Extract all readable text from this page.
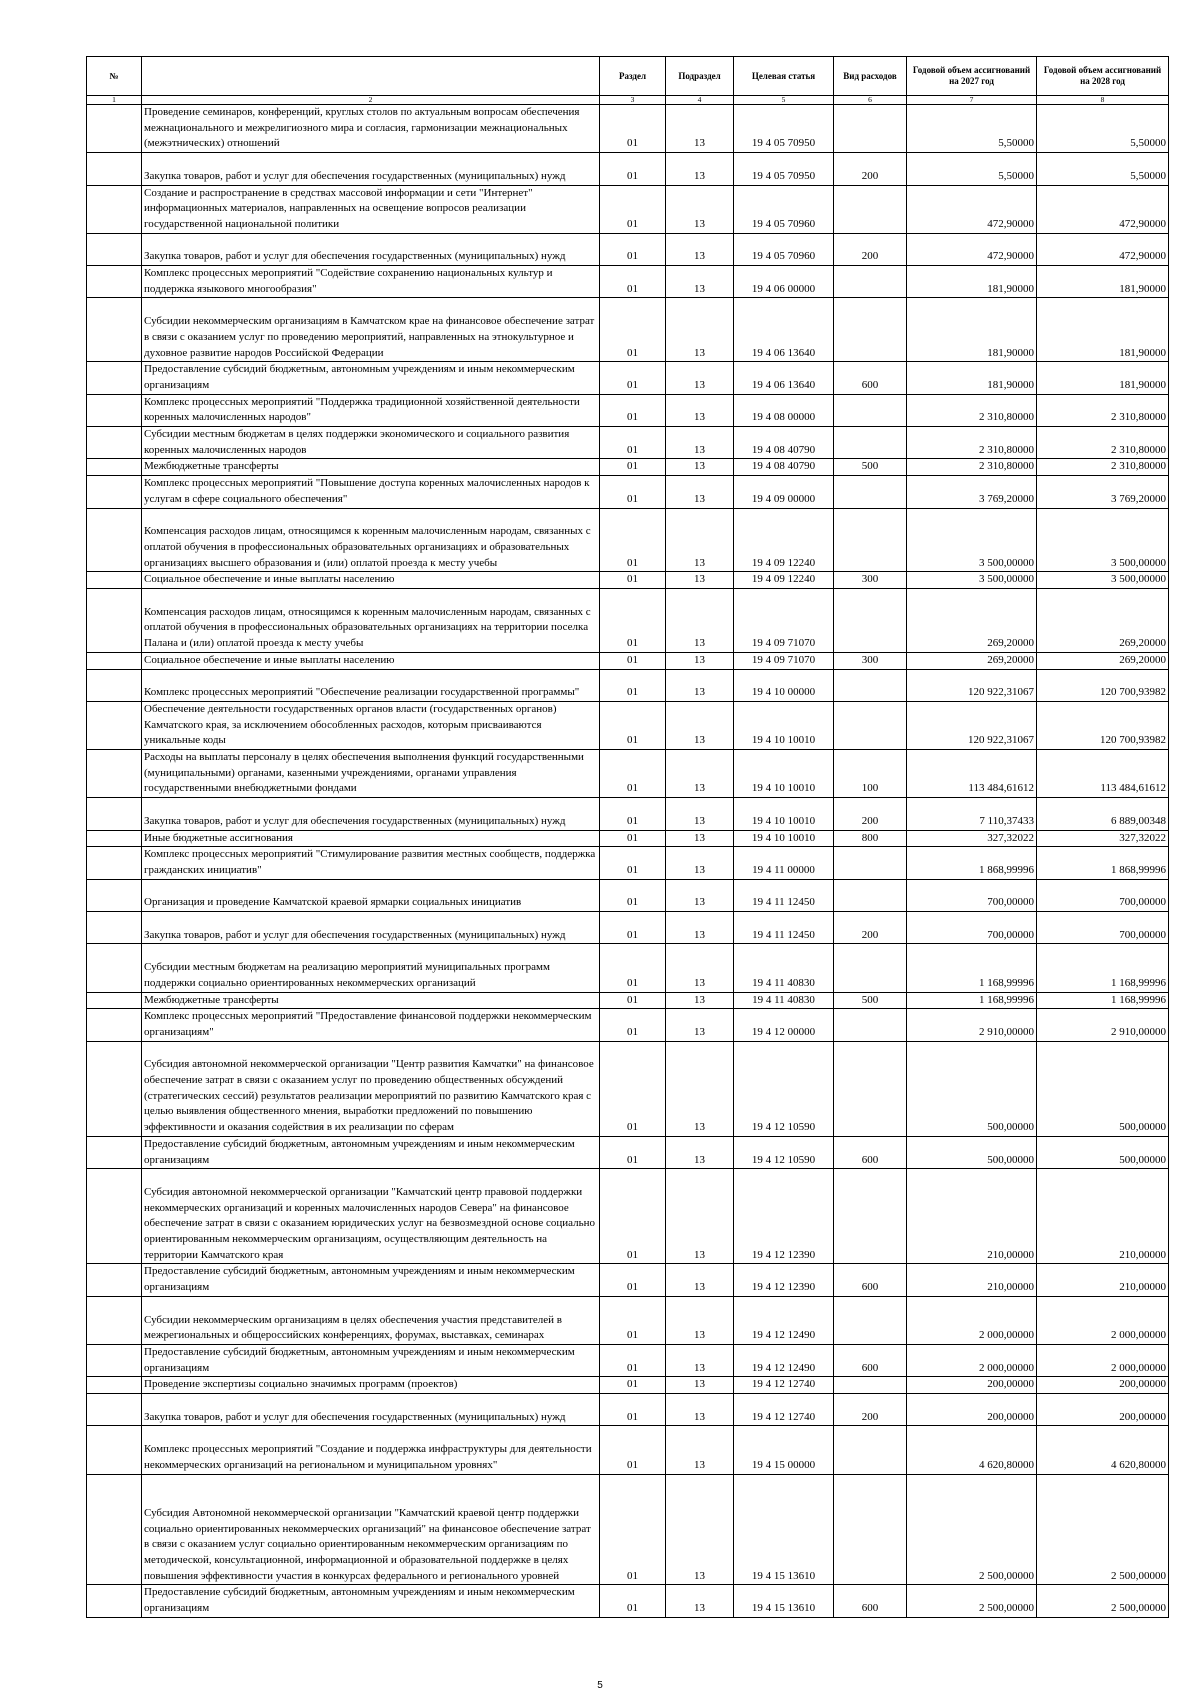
№		Раздел	Подраздел	Целевая статья	Вид расходов	Годовой объем ассигнований на 2027 год	Годовой объем ассигнований на 2028 год
1	2	3	4	5	6	7	8
	Проведение семинаров, конференций, круглых столов по актуальным вопросам обеспечения межнационального и межрелигиозного мира и согласия, гармонизации межнациональных (межэтнических) отношений	01	13	19 4 05 70950		5,50000	5,50000
	Закупка товаров, работ и услуг для обеспечения государственных (муниципальных) нужд	01	13	19 4 05 70950	200	5,50000	5,50000
	Создание и распространение в средствах массовой информации и сети "Интернет" информационных материалов, направленных на освещение вопросов реализации государственной национальной политики	01	13	19 4 05 70960		472,90000	472,90000
	Закупка товаров, работ и услуг для обеспечения государственных (муниципальных) нужд	01	13	19 4 05 70960	200	472,90000	472,90000
	Комплекс процессных мероприятий "Содействие сохранению национальных культур и поддержка языкового многообразия"	01	13	19 4 06 00000		181,90000	181,90000
	Субсидии некоммерческим организациям в Камчатском крае на финансовое обеспечение затрат в связи с оказанием услуг по проведению мероприятий, направленных на этнокультурное и духовное развитие народов Российской Федерации	01	13	19 4 06 13640		181,90000	181,90000
	Предоставление субсидий бюджетным, автономным учреждениям и иным некоммерческим организациям	01	13	19 4 06 13640	600	181,90000	181,90000
	Комплекс процессных мероприятий "Поддержка традиционной хозяйственной деятельности коренных малочисленных народов"	01	13	19 4 08 00000		2 310,80000	2 310,80000
	Субсидии местным бюджетам в целях поддержки экономического и социального развития коренных малочисленных народов	01	13	19 4 08 40790		2 310,80000	2 310,80000
	Межбюджетные трансферты	01	13	19 4 08 40790	500	2 310,80000	2 310,80000
	Комплекс процессных мероприятий "Повышение доступа коренных малочисленных народов к услугам в сфере социального обеспечения"	01	13	19 4 09 00000		3 769,20000	3 769,20000
	Компенсация расходов лицам, относящимся к коренным малочисленным народам, связанных с оплатой обучения в профессиональных образовательных организациях и образовательных организациях высшего образования и (или) оплатой проезда к месту учебы	01	13	19 4 09 12240		3 500,00000	3 500,00000
	Социальное обеспечение и иные выплаты населению	01	13	19 4 09 12240	300	3 500,00000	3 500,00000
	Компенсация расходов лицам, относящимся к коренным малочисленным народам, связанных с оплатой обучения в профессиональных образовательных организациях на территории поселка Палана и (или) оплатой проезда к месту учебы	01	13	19 4 09 71070		269,20000	269,20000
	Социальное обеспечение и иные выплаты населению	01	13	19 4 09 71070	300	269,20000	269,20000
	Комплекс процессных мероприятий "Обеспечение реализации государственной программы"	01	13	19 4 10 00000		120 922,31067	120 700,93982
	Обеспечение деятельности государственных органов власти (государственных органов) Камчатского края, за исключением обособленных расходов, которым присваиваются уникальные коды	01	13	19 4 10 10010		120 922,31067	120 700,93982
	Расходы на выплаты персоналу в целях обеспечения выполнения функций государственными (муниципальными) органами, казенными учреждениями, органами управления государственными внебюджетными фондами	01	13	19 4 10 10010	100	113 484,61612	113 484,61612
	Закупка товаров, работ и услуг для обеспечения государственных (муниципальных) нужд	01	13	19 4 10 10010	200	7 110,37433	6 889,00348
	Иные бюджетные ассигнования	01	13	19 4 10 10010	800	327,32022	327,32022
	Комплекс процессных мероприятий "Стимулирование развития местных сообществ, поддержка гражданских инициатив"	01	13	19 4 11 00000		1 868,99996	1 868,99996
	Организация и проведение Камчатской краевой ярмарки социальных инициатив	01	13	19 4 11 12450		700,00000	700,00000
	Закупка товаров, работ и услуг для обеспечения государственных (муниципальных) нужд	01	13	19 4 11 12450	200	700,00000	700,00000
	Субсидии местным бюджетам на реализацию мероприятий муниципальных программ поддержки социально ориентированных некоммерческих организаций	01	13	19 4 11 40830		1 168,99996	1 168,99996
	Межбюджетные трансферты	01	13	19 4 11 40830	500	1 168,99996	1 168,99996
	Комплекс процессных мероприятий "Предоставление финансовой поддержки некоммерческим организациям"	01	13	19 4 12 00000		2 910,00000	2 910,00000
	Субсидия автономной некоммерческой организации "Центр развития Камчатки" на финансовое обеспечение затрат в связи с оказанием услуг по проведению общественных обсуждений (стратегических сессий) результатов реализации мероприятий по развитию Камчатского края с целью выявления общественного мнения, выработки предложений по повышению эффективности и оказания содействия в их реализации по сферам	01	13	19 4 12 10590		500,00000	500,00000
	Предоставление субсидий бюджетным, автономным учреждениям и иным некоммерческим организациям	01	13	19 4 12 10590	600	500,00000	500,00000
	Субсидия автономной некоммерческой организации "Камчатский центр правовой поддержки некоммерческих организаций и коренных малочисленных народов Севера" на финансовое обеспечение затрат в связи с оказанием юридических услуг на безвозмездной основе социально ориентированным некоммерческим организациям, осуществляющим деятельность на территории Камчатского края	01	13	19 4 12 12390		210,00000	210,00000
	Предоставление субсидий бюджетным, автономным учреждениям и иным некоммерческим организациям	01	13	19 4 12 12390	600	210,00000	210,00000
	Субсидии некоммерческим организациям в целях обеспечения участия представителей в межрегиональных и общероссийских конференциях, форумах, выставках, семинарах	01	13	19 4 12 12490		2 000,00000	2 000,00000
	Предоставление субсидий бюджетным, автономным учреждениям и иным некоммерческим организациям	01	13	19 4 12 12490	600	2 000,00000	2 000,00000
	Проведение экспертизы социально значимых программ (проектов)	01	13	19 4 12 12740		200,00000	200,00000
	Закупка товаров, работ и услуг для обеспечения государственных (муниципальных) нужд	01	13	19 4 12 12740	200	200,00000	200,00000
	Комплекс процессных мероприятий "Создание и поддержка инфраструктуры для деятельности некоммерческих организаций на региональном и муниципальном уровнях"	01	13	19 4 15 00000		4 620,80000	4 620,80000
	Субсидия Автономной некоммерческой организации "Камчатский краевой центр поддержки социально ориентированных некоммерческих организаций" на финансовое обеспечение затрат в связи с оказанием услуг социально ориентированным некоммерческим организациям по методической, консультационной, информационной и образовательной поддержке в целях повышения эффективности участия в конкурсах федерального и регионального уровней	01	13	19 4 15 13610		2 500,00000	2 500,00000
	Предоставление субсидий бюджетным, автономным учреждениям и иным некоммерческим организациям	01	13	19 4 15 13610	600	2 500,00000	2 500,00000
5
